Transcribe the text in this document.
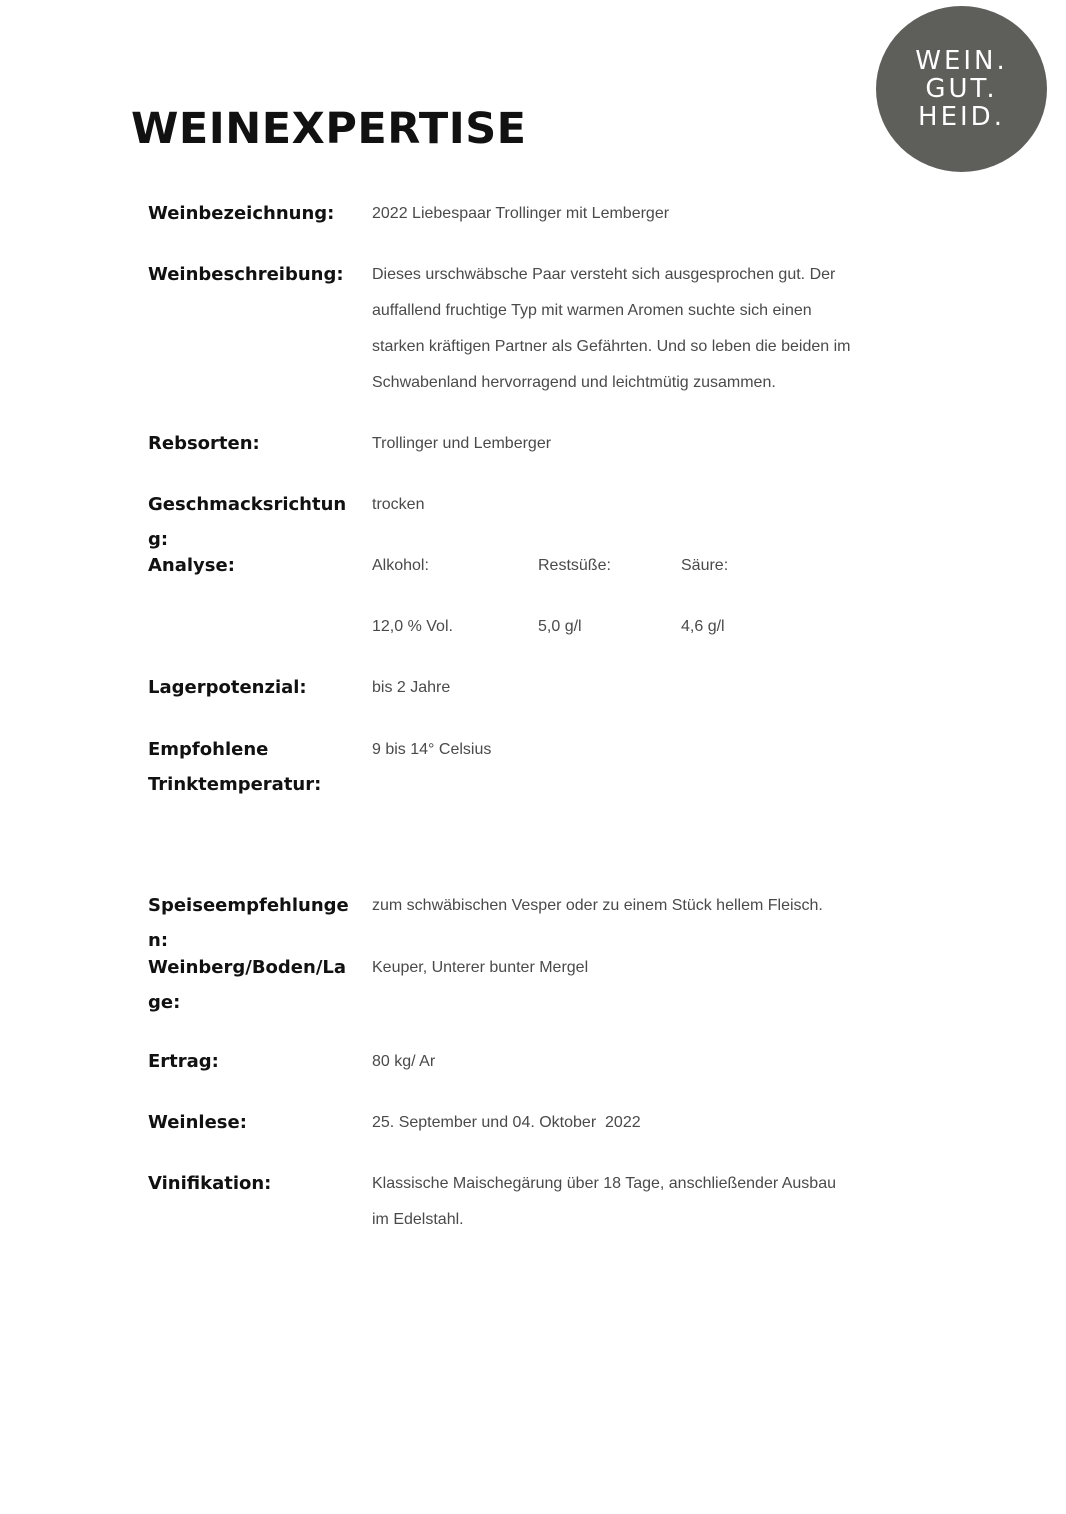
WEIN.
GUT.
HEID.
WEINEXPERTISE
Weinbezeichnung:	2022 Liebespaar Trollinger mit Lemberger
Weinbeschreibung:	Dieses urschwäbsche Paar versteht sich ausgesprochen gut. Der auffallend fruchtige Typ mit warmen Aromen suchte sich einen starken kräftigen Partner als Gefährten. Und so leben die beiden im Schwabenland hervorragend und leichtmütig zusammen.
Rebsorten:	Trollinger und Lemberger
Geschmacksrichtung:
trocken
Analyse:	Alkohol:	Restsüße:	Säure:
12,0 % Vol.	5,0 g/l	4,6 g/l
Lagerpotenzial:	bis 2 Jahre
Empfohlene Trinktemperatur:
9 bis 14° Celsius
Speiseempfehlungen:
zum schwäbischen Vesper oder zu einem Stück hellem Fleisch.
Weinberg/Boden/Lage:
Keuper, Unterer bunter Mergel
Ertrag:	80 kg/ Ar
Weinlese:	25. September und 04. Oktober  2022
Vinifikation:	Klassische Maischegärung über 18 Tage, anschließender Ausbau im Edelstahl.
